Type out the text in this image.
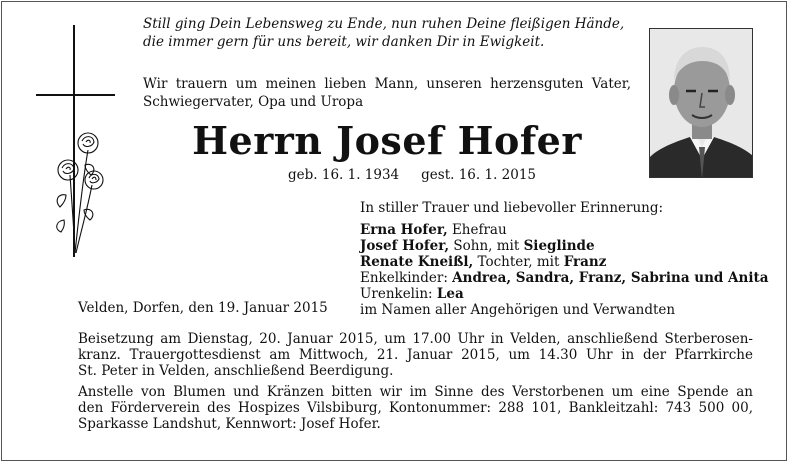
Still ging Dein Lebensweg zu Ende, nun ruhen Deine fleißigen Hände,
die immer gern für uns bereit, wir danken Dir in Ewigkeit.
Wir trauern um meinen lieben Mann, unseren herzensguten Vater,
Schwiegervater, Opa und Uropa
Herrn Josef Hofer
geb. 16. 1. 1934 gest. 16. 1. 2015
In stiller Trauer und liebevoller Erinnerung:
Erna Hofer, Ehefrau
Josef Hofer, Sohn, mit Sieglinde
Renate Kneißl, Tochter, mit Franz
Enkelkinder: Andrea, Sandra, Franz, Sabrina und Anita
Urenkelin: Lea
im Namen aller Angehörigen und Verwandten
Velden, Dorfen, den 19. Januar 2015
Beisetzung am Dienstag, 20. Januar 2015, um 17.00 Uhr in Velden, anschließend Sterberosen-
kranz. Trauergottesdienst am Mittwoch, 21. Januar 2015, um 14.30 Uhr in der Pfarrkirche
St. Peter in Velden, anschließend Beerdigung.
Anstelle von Blumen und Kränzen bitten wir im Sinne des Verstorbenen um eine Spende an
den Förderverein des Hospizes Vilsbiburg, Kontonummer: 288 101, Bankleitzahl: 743 500 00,
Sparkasse Landshut, Kennwort: Josef Hofer.
